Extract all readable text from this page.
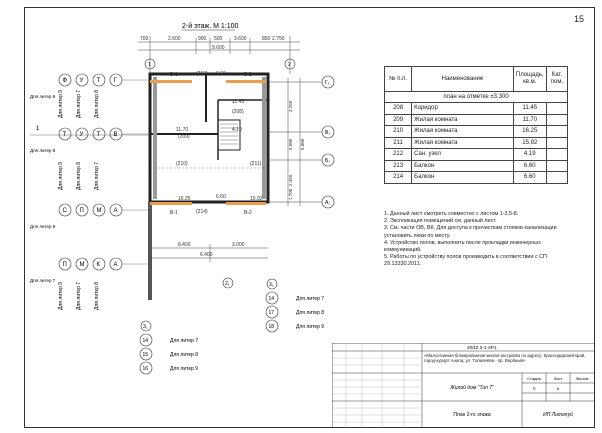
15
2-й этаж. М 1:100
700	2.600	900 500 3.600	850 2.750
9.600
1	2
В-1	В-2
В-1	В-2
(213) 6.60
11.45
11.70
(209)
4.19
(208)
16.25
(210)
15.92
(211)
(214)
6.60
3.250
6.800
2.500
2.450
1.700
Г₁
В₁
Б₁
А₁
8.400	3.000
6.400
2₁
1
Ф У Т Г
Для литер 9
Т У Т В
Для литер 8
С П М А
Для литер 9
П М К А
Для литер 7
Для литер 9 Для литер 7 Для литер 8
Для литер 9 Для литер 8 Для литер 7
Для литер 9 Для литер 7 Для литер 8
3₁
14	Для литер 7
15	Для литер 8
16	Для литер 9
3₁
14	Для литер 7
17	Для литер 8
18	Для литер 9
№ п.п.	Наименование	Площадь, кв.м.	Кат. пом.
план на отметке ±3.300			
208	Коридор	11.45	
209	Жилая комната	11.70	
210	Жилая комната	16.25	
211	Жилая комната	15.92	
212	Сан. узел	4.19	
213	Балкон	6.60	
214	Балкон	6.60	
1. Данный лист смотреть совместно с листом 1-3,5-8.
2. Экспликация помещений см. данный лист.
3. См. части ОВ, ВК. Для доступа к прочисткам стояков канализации установить люки по месту.
4. Устройство полов, выполнить после прокладки инженерных коммуникаций.
5. Работы по устройству полов производить в соответствии с СП 29.13330.2011.
20/10 З-1-АР.1
«Малоэтажная блокированная жилая застройка по адресу: Краснодарский край, город-курорт Анапа, ул. Толмачёва - пр. Вербный»
Жилой дом "Тип 7"
План 2-го этажа
Стадия	Лист	Листов
П	6
ИП Литопуй
